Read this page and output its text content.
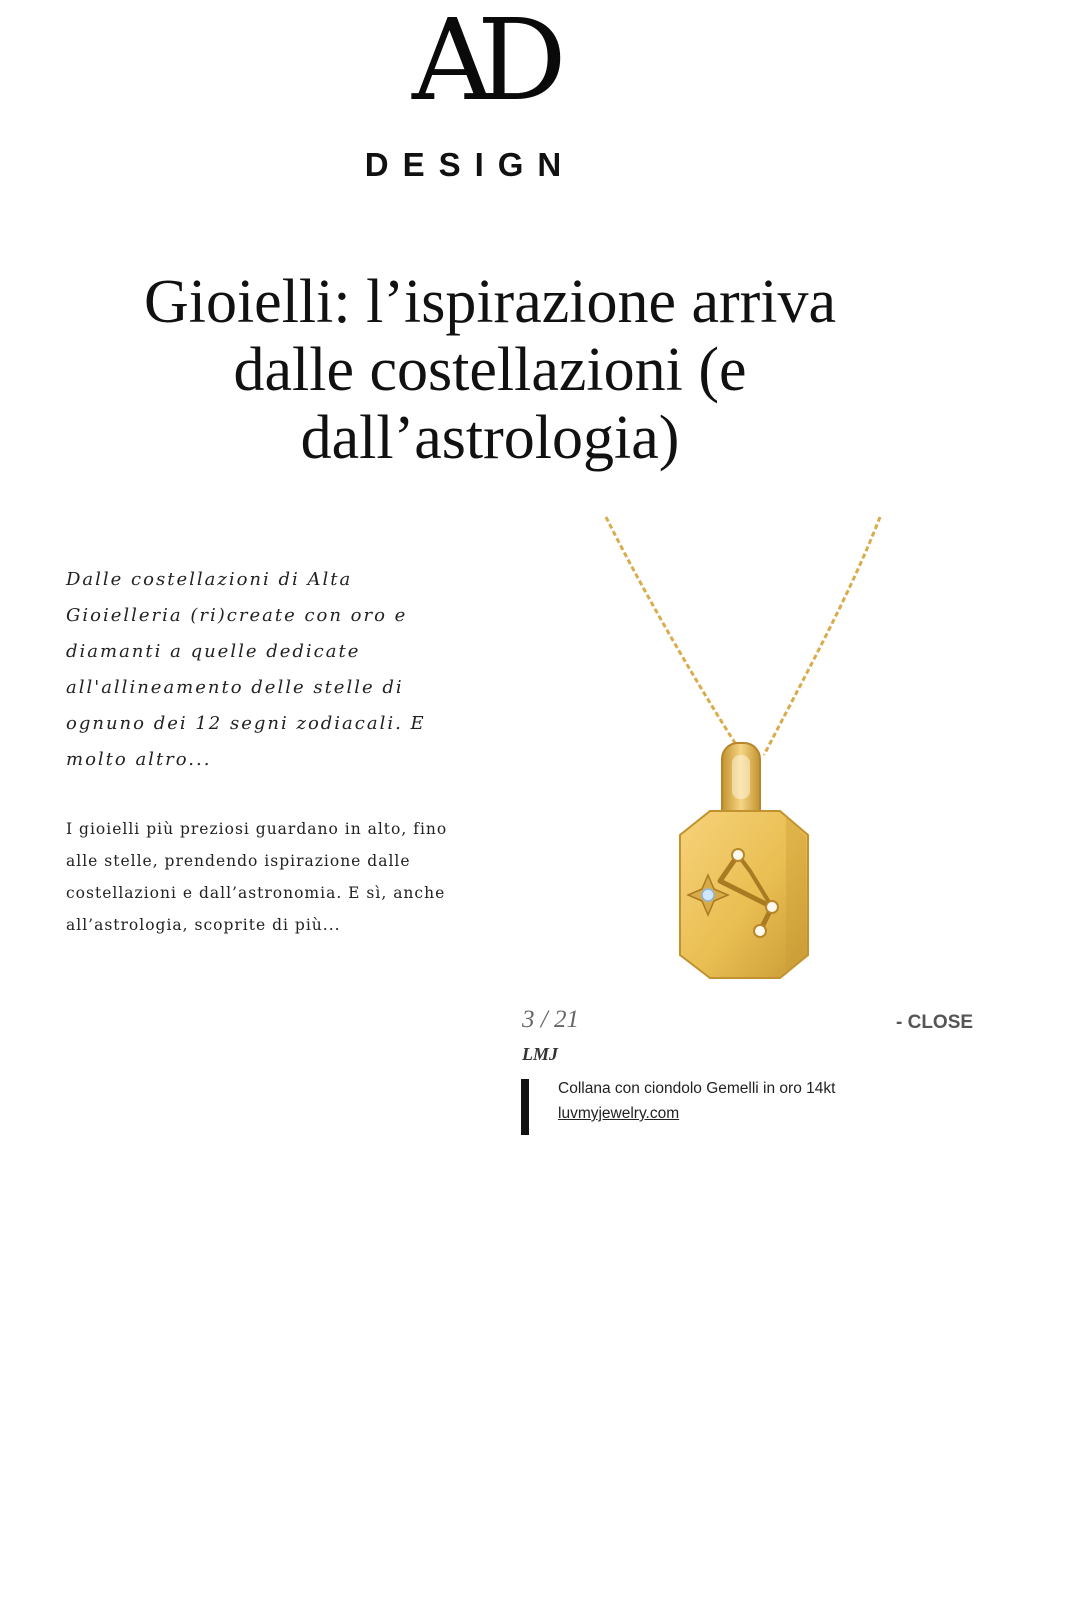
AD
DESIGN
Gioielli: l’ispirazione arriva dalle costellazioni (e dall’astrologia)

Dalle costellazioni di Alta Gioielleria (ri)create con oro e diamanti a quelle dedicate all'allineamento delle stelle di ognuno dei 12 segni zodiacali. E molto altro...

I gioielli più preziosi guardano in alto, fino alle stelle, prendendo ispirazione dalle costellazioni e dall’astronomia. E sì, anche all’astrologia, scoprite di più...

3 / 21	- CLOSE
LMJ
Collana con ciondolo Gemelli in oro 14kt
luvmyjewelry.com
